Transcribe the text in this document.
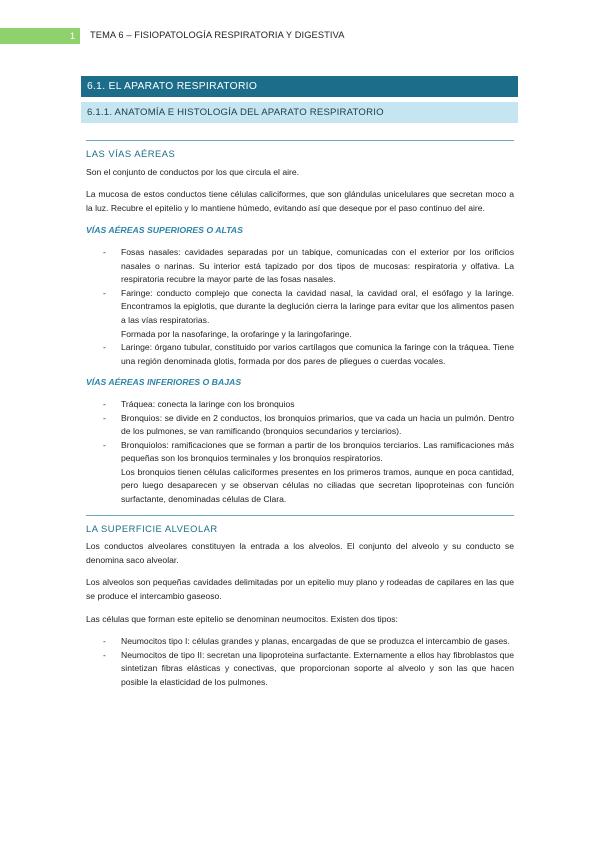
1	TEMA 6 – FISIOPATOLOGÍA RESPIRATORIA Y DIGESTIVA
6.1. EL APARATO RESPIRATORIO
6.1.1. ANATOMÍA E HISTOLOGÍA DEL APARATO RESPIRATORIO
LAS VÍAS AÉREAS

Son el conjunto de conductos por los que circula el aire.

La mucosa de estos conductos tiene células caliciformes, que son glándulas unicelulares que secretan moco a la luz. Recubre el epitelio y lo mantiene húmedo, evitando así que deseque por el paso continuo del aire.

VÍAS AÉREAS SUPERIORES O ALTAS
- Fosas nasales: cavidades separadas por un tabique, comunicadas con el exterior por los orificios nasales o narinas. Su interior está tapizado por dos tipos de mucosas: respiratoria y olfativa. La respiratoria recubre la mayor parte de las fosas nasales.
- Faringe: conducto complejo que conecta la cavidad nasal, la cavidad oral, el esófago y la laringe. Encontramos la epiglotis, que durante la deglución cierra la laringe para evitar que los alimentos pasen a las vías respiratorias.
Formada por la nasofaringe, la orofaringe y la laringofaringe.
- Laringe: órgano tubular, constituido por varios cartílagos que comunica la faringe con la tráquea. Tiene una región denominada glotis, formada por dos pares de pliegues o cuerdas vocales.
VÍAS AÉREAS INFERIORES O BAJAS
- Tráquea: conecta la laringe con los bronquios
- Bronquios: se divide en 2 conductos, los bronquios primarios, que va cada un hacia un pulmón. Dentro de los pulmones, se van ramificando (bronquios secundarios y terciarios).
- Bronquiolos: ramificaciones que se forman a partir de los bronquios terciarios. Las ramificaciones más pequeñas son los bronquios terminales y los bronquios respiratorios.
Los bronquios tienen células caliciformes presentes en los primeros tramos, aunque en poca cantidad, pero luego desaparecen y se observan células no ciliadas que secretan lipoproteinas con función surfactante, denominadas células de Clara.
LA SUPERFICIE ALVEOLAR

Los conductos alveolares constituyen la entrada a los alveolos. El conjunto del alveolo y su conducto se denomina saco alveolar.

Los alveolos son pequeñas cavidades delimitadas por un epitelio muy plano y rodeadas de capilares en las que se produce el intercambio gaseoso.

Las células que forman este epitelio se denominan neumocitos. Existen dos tipos:

- Neumocitos tipo I: células grandes y planas, encargadas de que se produzca el intercambio de gases.
- Neumocitos de tipo II: secretan una lipoproteina surfactante. Externamente a ellos hay fibroblastos que sintetizan fibras elásticas y conectivas, que proporcionan soporte al alveolo y son las que hacen posible la elasticidad de los pulmones.
